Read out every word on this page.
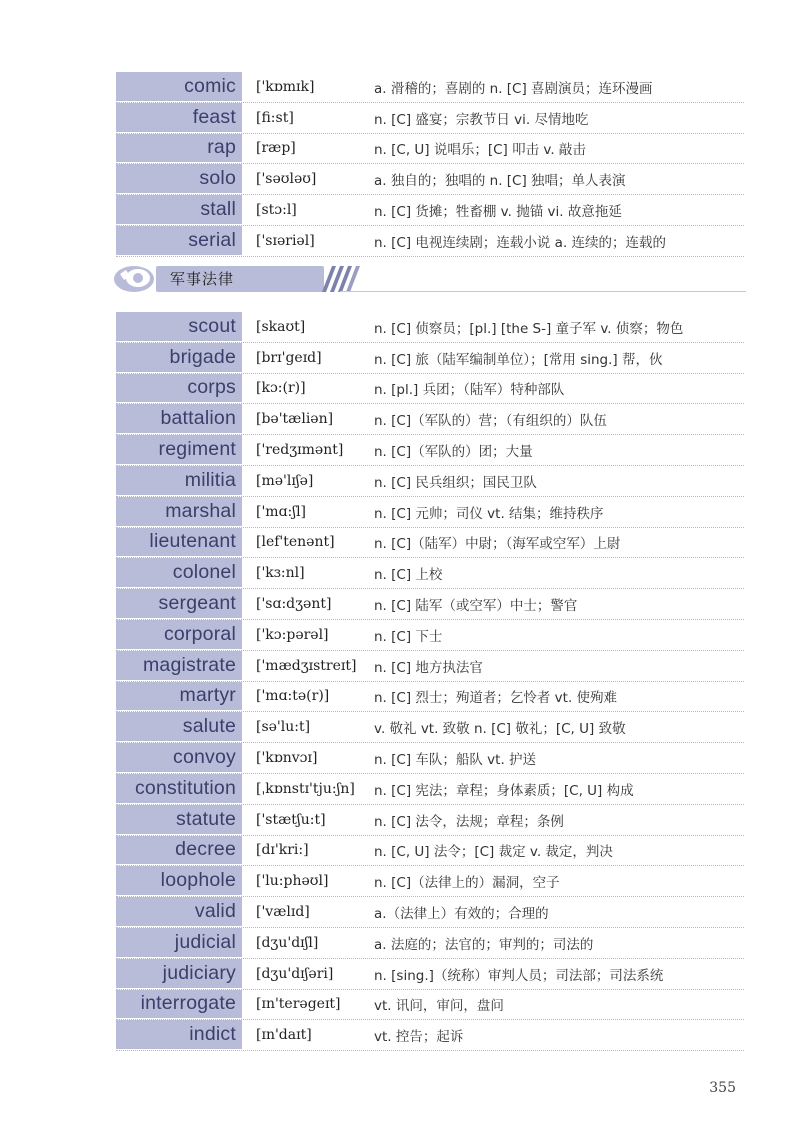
comic	['kɒmɪk]	a. 滑稽的；喜剧的 n. [C] 喜剧演员；连环漫画
feast	[fi:st]	n. [C] 盛宴；宗教节日 vi. 尽情地吃
rap	[ræp]	n. [C, U] 说唱乐；[C] 叩击 v. 敲击
solo	['səʊləʊ]	a. 独自的；独唱的 n. [C] 独唱；单人表演
stall	[stɔ:l]	n. [C] 货摊；牲畜棚 v. 抛锚 vi. 故意拖延
serial	['sɪəriəl]	n. [C] 电视连续剧；连载小说 a. 连续的；连载的
军事法律
scout	[skaʊt]	n. [C] 侦察员；[pl.] [the S-] 童子军 v. 侦察；物色
brigade	[brɪ'geɪd]	n. [C] 旅（陆军编制单位）；[常用 sing.] 帮，伙
corps	[kɔ:(r)]	n. [pl.] 兵团；（陆军）特种部队
battalion	[bə'tæliən]	n. [C]（军队的）营；（有组织的）队伍
regiment	['redʒɪmənt]	n. [C]（军队的）团；大量
militia	[mə'lɪʃə]	n. [C] 民兵组织；国民卫队
marshal	['mɑ:ʃl]	n. [C] 元帅；司仪 vt. 结集；维持秩序
lieutenant	[lef'tenənt]	n. [C]（陆军）中尉；（海军或空军）上尉
colonel	['kɜ:nl]	n. [C] 上校
sergeant	['sɑ:dʒənt]	n. [C] 陆军（或空军）中士；警官
corporal	['kɔ:pərəl]	n. [C] 下士
magistrate	['mædʒɪstreɪt]	n. [C] 地方执法官
martyr	['mɑ:tə(r)]	n. [C] 烈士；殉道者；乞怜者 vt. 使殉难
salute	[sə'lu:t]	v. 敬礼 vt. 致敬 n. [C] 敬礼；[C, U] 致敬
convoy	['kɒnvɔɪ]	n. [C] 车队；船队 vt. 护送
constitution	[ˌkɒnstɪ'tju:ʃn]	n. [C] 宪法；章程；身体素质；[C, U] 构成
statute	['stætʃu:t]	n. [C] 法令，法规；章程；条例
decree	[dɪ'kri:]	n. [C, U] 法令；[C] 裁定 v. 裁定，判决
loophole	['lu:phəʊl]	n. [C]（法律上的）漏洞，空子
valid	['vælɪd]	a.（法律上）有效的；合理的
judicial	[dʒu'dɪʃl]	a. 法庭的；法官的；审判的；司法的
judiciary	[dʒu'dɪʃəri]	n. [sing.]（统称）审判人员；司法部；司法系统
interrogate	[ɪn'terəgeɪt]	vt. 讯问，审问，盘问
indict	[ɪn'daɪt]	vt. 控告；起诉
355
